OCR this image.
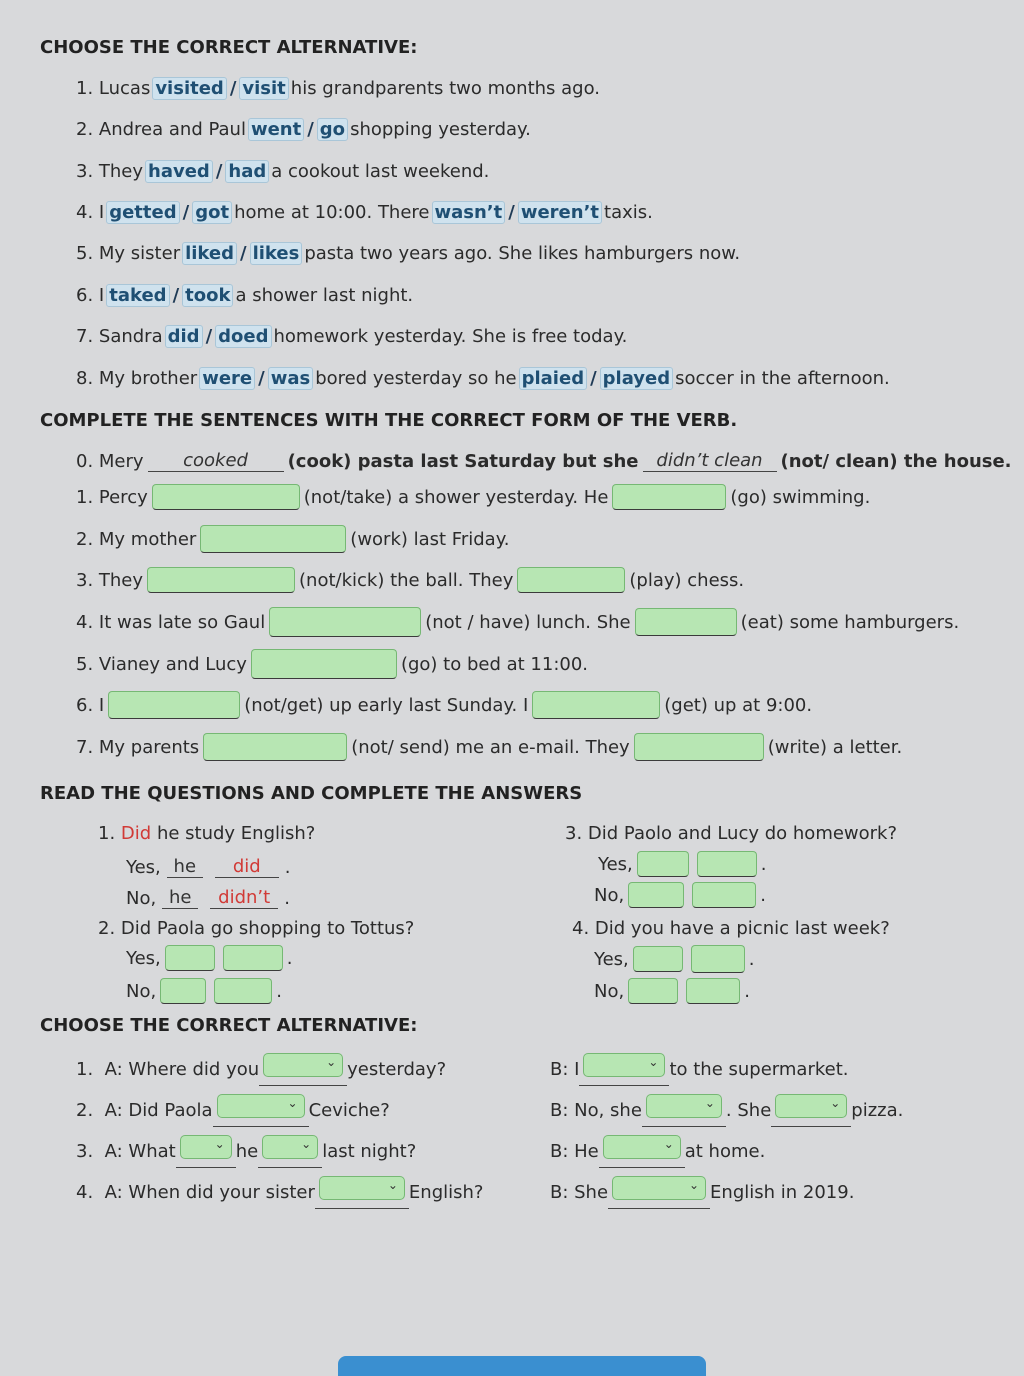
CHOOSE THE CORRECT ALTERNATIVE:
1. Lucas visited / visit his grandparents two months ago.
2. Andrea and Paul went / go shopping yesterday.
3. They haved / had a cookout last weekend.
4. I getted / got home at 10:00. There wasn’t / weren’t taxis.
5. My sister liked / likes pasta two years ago. She likes hamburgers now.
6. I taked / took a shower last night.
7. Sandra did / doed homework yesterday. She is free today.
8. My brother were / was bored yesterday so he plaied / played soccer in the afternoon.
COMPLETE THE SENTENCES WITH THE CORRECT FORM OF THE VERB.
0. Mery	cooked	(cook) pasta last Saturday but she didn’t clean (not/ clean) the house.
1. Percy	(not/take) a shower yesterday. He	(go) swimming.
2. My mother	(work) last Friday.
3. They	(not/kick) the ball. They	(play) chess.
4. It was late so Gaul	(not / have) lunch. She	(eat) some hamburgers.
5. Vianey and Lucy	(go) to bed at 11:00.
6. I	(not/get) up early last Sunday. I	(get) up at 9:00.
7. My parents	(not/ send) me an e-mail. They	(write) a letter.
READ THE QUESTIONS AND COMPLETE THE ANSWERS
1.
Did
he study English?
Yes, he	did	.
No, he	didn’t .
2.
Did Paola go shopping to Tottus?
Yes,	.
No,	.
3.
Did Paolo and Lucy do homework?
Yes,	.
No,	.
4.
Did you have a picnic last week?
Yes,	.
No,	.
CHOOSE THE CORRECT ALTERNATIVE:
1.
A: Where did you	⌄ yesterday?	B: I	⌄ to the supermarket.
2.
A: Did Paola	⌄ Ceviche?	B: No, she	⌄ . She	⌄ pizza.
3.
A: What	⌄ he	⌄ last night?	B: He	⌄ at home.
4.
A: When did your sister	⌄ English?	B: She	⌄ English in 2019.
